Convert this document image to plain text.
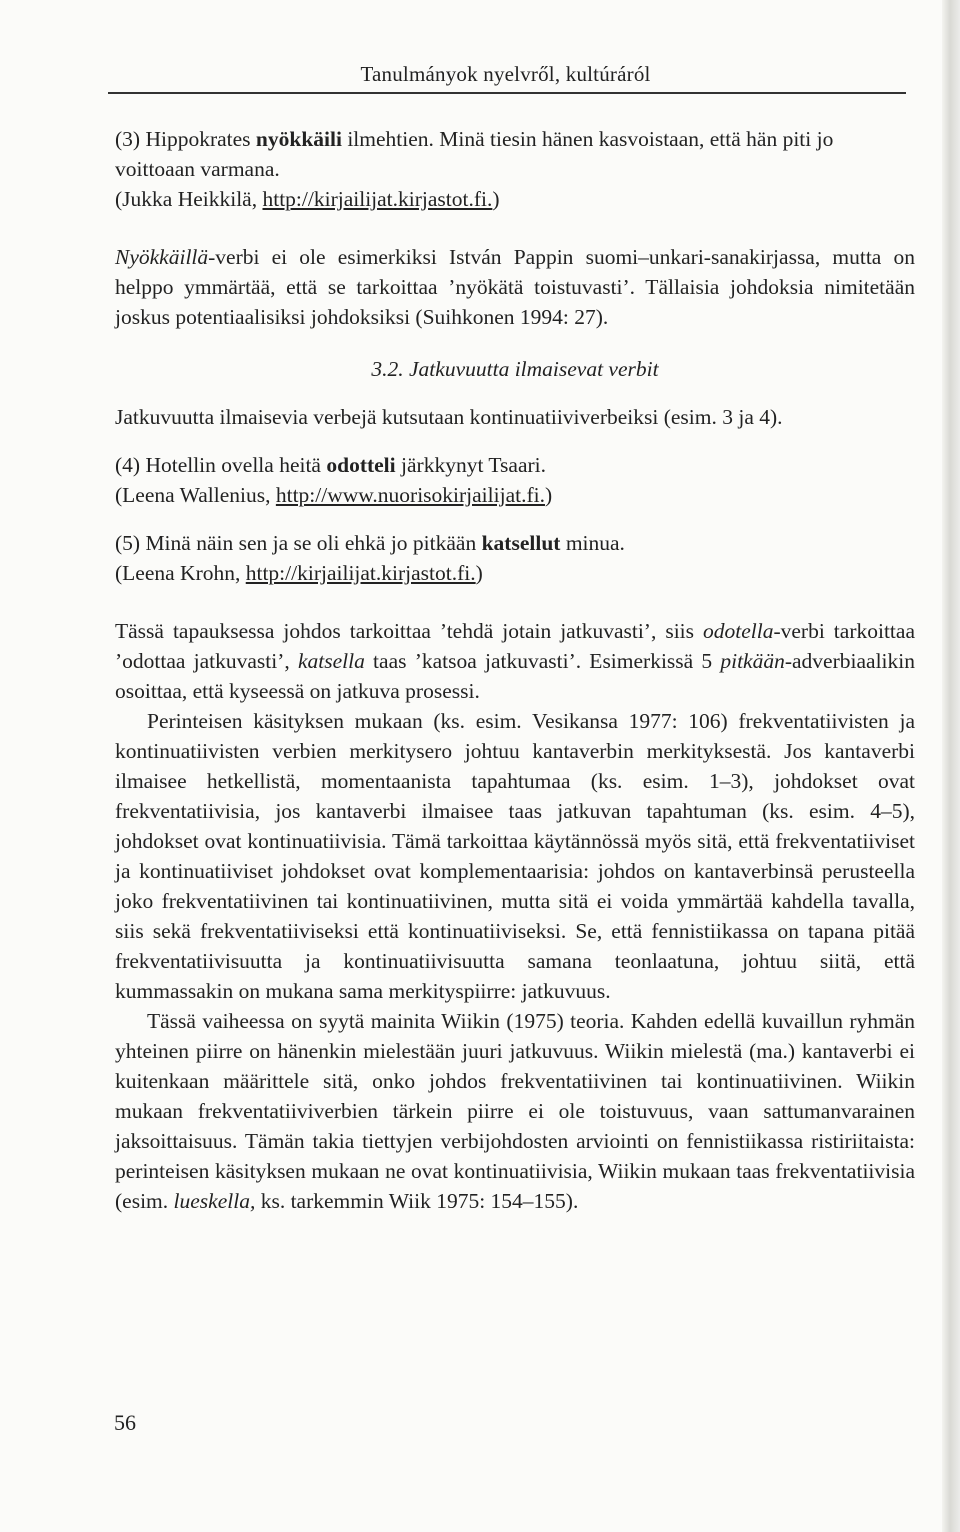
Tanulmányok nyelvről, kultúráról

(3) Hippokrates nyökkäili ilmehtien. Minä tiesin hänen kasvoistaan, että hän piti jo voittoaan varmana.

(Jukka Heikkilä, http://kirjailijat.kirjastot.fi.)

Nyökkäillä-verbi ei ole esimerkiksi István Pappin suomi–unkari-sanakirjassa, mutta on helppo ymmärtää, että se tarkoittaa ’nyökätä toistuvasti’. Tällaisia johdoksia nimitetään joskus potentiaalisiksi johdoksiksi (Suihkonen 1994: 27).

3.2. Jatkuvuutta ilmaisevat verbit

Jatkuvuutta ilmaisevia verbejä kutsutaan kontinuatiiviverbeiksi (esim. 3 ja 4).

(4) Hotellin ovella heitä odotteli järkkynyt Tsaari.

(Leena Wallenius, http://www.nuorisokirjailijat.fi.)

(5) Minä näin sen ja se oli ehkä jo pitkään katsellut minua.

(Leena Krohn, http://kirjailijat.kirjastot.fi.)

Tässä tapauksessa johdos tarkoittaa ’tehdä jotain jatkuvasti’, siis odotella-verbi tarkoittaa ’odottaa jatkuvasti’, katsella taas ’katsoa jatkuvasti’. Esimerkissä 5 pitkään-adverbiaalikin osoittaa, että kyseessä on jatkuva prosessi.

Perinteisen käsityksen mukaan (ks. esim. Vesikansa 1977: 106) frekventatiivisten ja kontinuatiivisten verbien merkitysero johtuu kantaverbin merkityksestä. Jos kantaverbi ilmaisee hetkellistä, momentaanista tapahtumaa (ks. esim. 1–3), johdokset ovat frekventatiivisia, jos kantaverbi ilmaisee taas jatkuvan tapahtuman (ks. esim. 4–5), johdokset ovat kontinuatiivisia. Tämä tarkoittaa käytännössä myös sitä, että frekventatiiviset ja kontinuatiiviset johdokset ovat komplementaarisia: johdos on kantaverbinsä perusteella joko frekventatiivinen tai kontinuatiivinen, mutta sitä ei voida ymmärtää kahdella tavalla, siis sekä frekventatiiviseksi että kontinuatiiviseksi. Se, että fennistiikassa on tapana pitää frekventatiivisuutta ja kontinuatiivisuutta samana teonlaatuna, johtuu siitä, että kummassakin on mukana sama merkityspiirre: jatkuvuus.

Tässä vaiheessa on syytä mainita Wiikin (1975) teoria. Kahden edellä kuvaillun ryhmän yhteinen piirre on hänenkin mielestään juuri jatkuvuus. Wiikin mielestä (ma.) kantaverbi ei kuitenkaan määrittele sitä, onko johdos frekventatiivinen tai kontinuatiivinen. Wiikin mukaan frekventatiiviverbien tärkein piirre ei ole toistuvuus, vaan sattumanvarainen jaksoittaisuus. Tämän takia tiettyjen verbijohdosten arviointi on fennistiikassa ristiriitaista: perinteisen käsityksen mukaan ne ovat kontinuatiivisia, Wiikin mukaan taas frekventatiivisia (esim. lueskella, ks. tarkemmin Wiik 1975: 154–155).

56
